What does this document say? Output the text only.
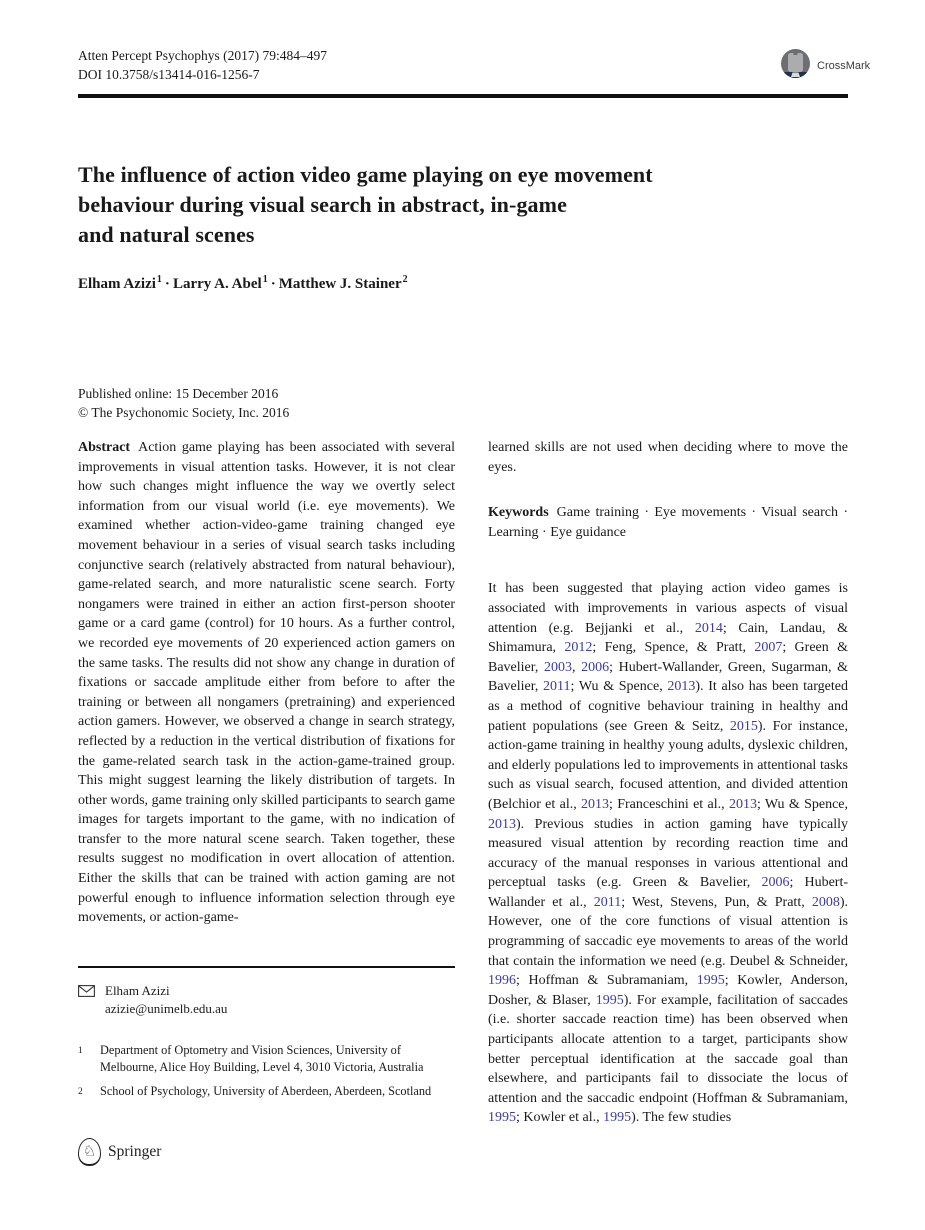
Atten Percept Psychophys (2017) 79:484–497
DOI 10.3758/s13414-016-1256-7
CrossMark
The influence of action video game playing on eye movement
behaviour during visual search in abstract, in-game
and natural scenes
Elham Azizi$^1$ · Larry A. Abel$^1$ · Matthew J. Stainer$^2$
Published online: 15 December 2016
© The Psychonomic Society, Inc. 2016

Abstract Action game playing has been associated with several improvements in visual attention tasks. However, it is not clear how such changes might influence the way we overtly select information from our visual world (i.e. eye movements). We examined whether action-video-game training changed eye movement behaviour in a series of visual search tasks including conjunctive search (relatively abstracted from natural behaviour), game-related search, and more naturalistic scene search. Forty nongamers were trained in either an action first-person shooter game or a card game (control) for 10 hours. As a further control, we recorded eye movements of 20 experienced action gamers on the same tasks. The results did not show any change in duration of fixations or saccade amplitude either from before to after the training or between all nongamers (pretraining) and experienced action gamers. However, we observed a change in search strategy, reflected by a reduction in the vertical distribution of fixations for the game-related search task in the action-game-trained group. This might suggest learning the likely distribution of targets. In other words, game training only skilled participants to search game images for targets important to the game, with no indication of transfer to the more natural scene search. Taken together, these results suggest no modification in overt allocation of attention. Either the skills that can be trained with action gaming are not powerful enough to influence information selection through eye movements, or action-game-

learned skills are not used when deciding where to move the eyes.

Keywords Game training · Eye movements · Visual search · Learning · Eye guidance

It has been suggested that playing action video games is associated with improvements in various aspects of visual attention (e.g. Bejjanki et al., 2014; Cain, Landau, & Shimamura, 2012; Feng, Spence, & Pratt, 2007; Green & Bavelier, 2003, 2006; Hubert-Wallander, Green, Sugarman, & Bavelier, 2011; Wu & Spence, 2013). It also has been targeted as a method of cognitive behaviour training in healthy and patient populations (see Green & Seitz, 2015). For instance, action-game training in healthy young adults, dyslexic children, and elderly populations led to improvements in attentional tasks such as visual search, focused attention, and divided attention (Belchior et al., 2013; Franceschini et al., 2013; Wu & Spence, 2013). Previous studies in action gaming have typically measured visual attention by recording reaction time and accuracy of the manual responses in various attentional and perceptual tasks (e.g. Green & Bavelier, 2006; Hubert-Wallander et al., 2011; West, Stevens, Pun, & Pratt, 2008). However, one of the core functions of visual attention is programming of saccadic eye movements to areas of the world that contain the information we need (e.g. Deubel & Schneider, 1996; Hoffman & Subramaniam, 1995; Kowler, Anderson, Dosher, & Blaser, 1995). For example, facilitation of saccades (i.e. shorter saccade reaction time) has been observed when participants allocate attention to a target, participants show better perceptual identification at the saccade goal than elsewhere, and participants fail to dissociate the locus of attention and the saccadic endpoint (Hoffman & Subramaniam, 1995; Kowler et al., 1995). The few studies

Elham Azizi
azizie@unimelb.edu.au
1	Department of Optometry and Vision Sciences, University of Melbourne, Alice Hoy Building, Level 4, 3010 Victoria, Australia
2	School of Psychology, University of Aberdeen, Aberdeen, Scotland
♘ Springer
